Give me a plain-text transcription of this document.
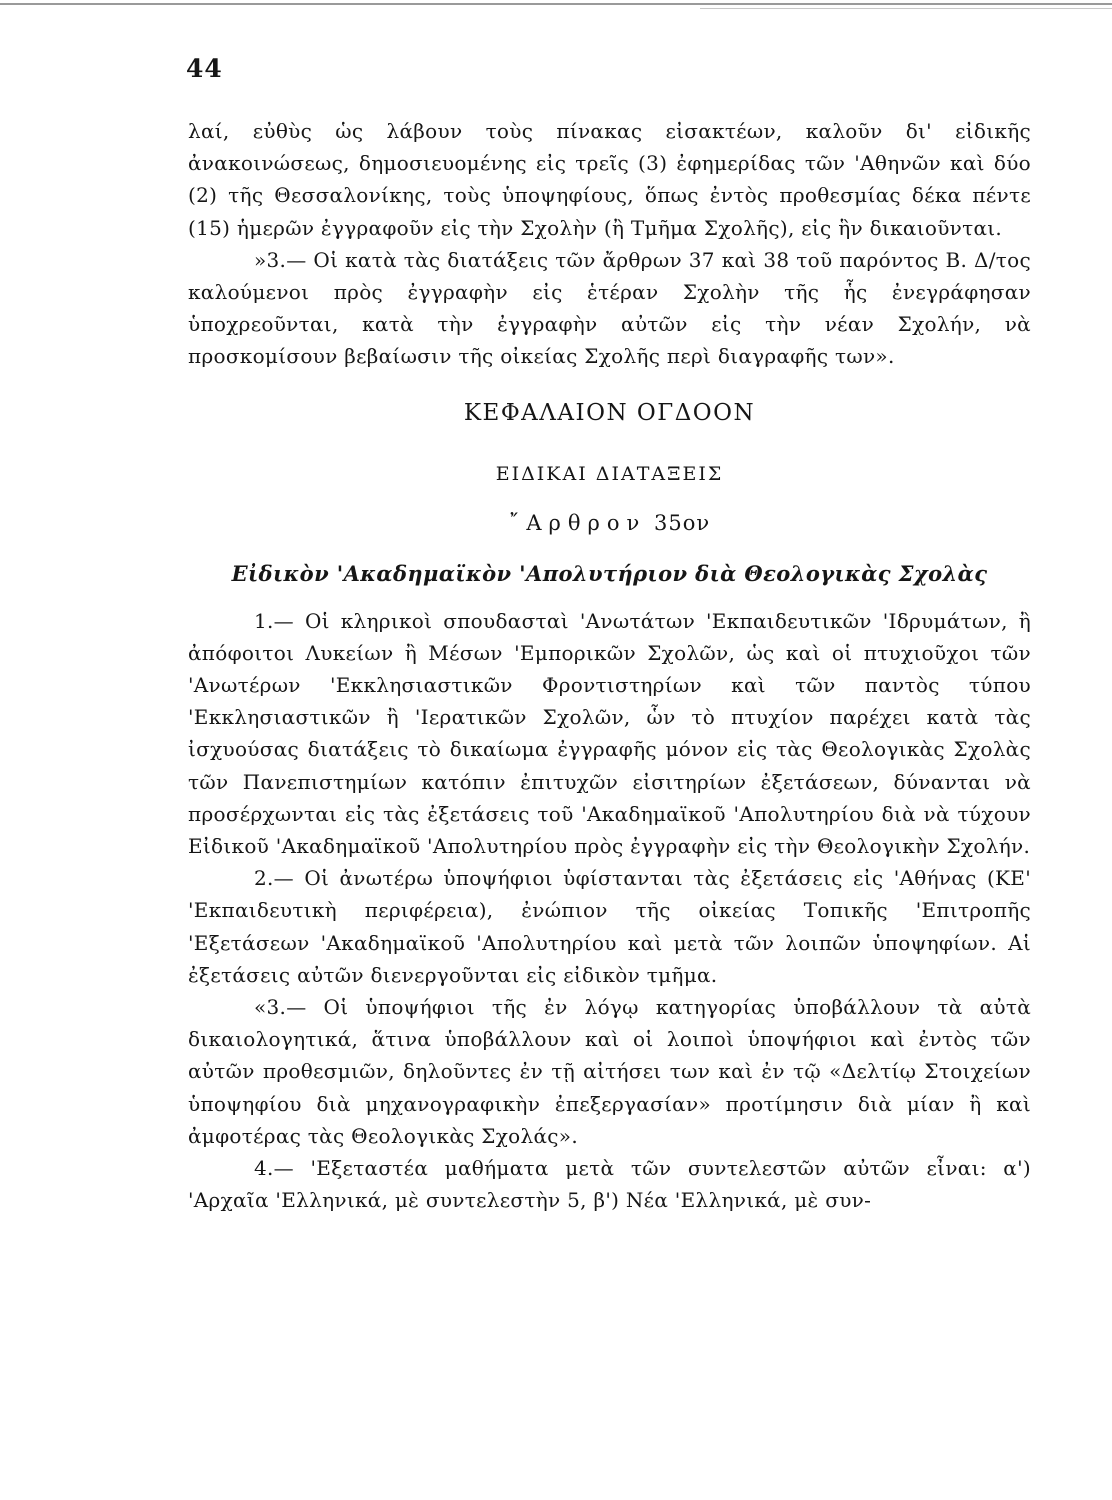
44

λαί, εὐθὺς ὡς λάβουν τοὺς πίνακας εἰσακτέων, καλοῦν δι' εἰδικῆς ἀνακοινώσεως, δημοσιευομένης εἰς τρεῖς (3) ἐφημερίδας τῶν 'Αθηνῶν καὶ δύο (2) τῆς Θεσσαλονίκης, τοὺς ὑποψηφίους, ὅπως ἐντὸς προθεσμίας δέκα πέντε (15) ἡμερῶν ἐγγραφοῦν εἰς τὴν Σχολὴν (ἢ Τμῆμα Σχολῆς), εἰς ἣν δικαιοῦνται.

»3.— Οἱ κατὰ τὰς διατάξεις τῶν ἄρθρων 37 καὶ 38 τοῦ παρόντος Β. Δ/τος καλούμενοι πρὸς ἐγγραφὴν εἰς ἑτέραν Σχολὴν τῆς ἧς ἐνεγράφησαν ὑποχρεοῦνται, κατὰ τὴν ἐγγραφὴν αὐτῶν εἰς τὴν νέαν Σχολήν, νὰ προσκομίσουν βεβαίωσιν τῆς οἰκείας Σχολῆς περὶ διαγραφῆς των».

ΚΕΦΑΛΑΙΟΝ ΟΓΔΟΟΝ
ΕΙΔΙΚΑΙ ΔΙΑΤΑΞΕΙΣ
῎Αρθρον 35ον
Εἰδικὸν 'Ακαδημαϊκὸν 'Απολυτήριον διὰ Θεολογικὰς Σχολὰς

1.— Οἱ κληρικοὶ σπουδασταὶ 'Ανωτάτων 'Εκπαιδευτικῶν 'Ιδρυμάτων, ἢ ἀπόφοιτοι Λυκείων ἢ Μέσων 'Εμπορικῶν Σχολῶν, ὡς καὶ οἱ πτυχιοῦχοι τῶν 'Ανωτέρων 'Εκκλησιαστικῶν Φροντιστηρίων καὶ τῶν παντὸς τύπου 'Εκκλησιαστικῶν ἢ 'Ιερατικῶν Σχολῶν, ὧν τὸ πτυχίον παρέχει κατὰ τὰς ἰσχυούσας διατάξεις τὸ δικαίωμα ἐγγραφῆς μόνον εἰς τὰς Θεολογικὰς Σχολὰς τῶν Πανεπιστημίων κατόπιν ἐπιτυχῶν εἰσιτηρίων ἐξετάσεων, δύνανται νὰ προσέρχωνται εἰς τὰς ἐξετάσεις τοῦ 'Ακαδημαϊκοῦ 'Απολυτηρίου διὰ νὰ τύχουν Εἰδικοῦ 'Ακαδημαϊκοῦ 'Απολυτηρίου πρὸς ἐγγραφὴν εἰς τὴν Θεολογικὴν Σχολήν.

2.— Οἱ ἀνωτέρω ὑποψήφιοι ὑφίστανται τὰς ἐξετάσεις εἰς 'Αθήνας (ΚΕ' 'Εκπαιδευτικὴ περιφέρεια), ἐνώπιον τῆς οἰκείας Τοπικῆς 'Επιτροπῆς 'Εξετάσεων 'Ακαδημαϊκοῦ 'Απολυτηρίου καὶ μετὰ τῶν λοιπῶν ὑποψηφίων. Αἱ ἐξετάσεις αὐτῶν διενεργοῦνται εἰς εἰδικὸν τμῆμα.

«3.— Οἱ ὑποψήφιοι τῆς ἐν λόγῳ κατηγορίας ὑποβάλλουν τὰ αὐτὰ δικαιολογητικά, ἅτινα ὑποβάλλουν καὶ οἱ λοιποὶ ὑποψήφιοι καὶ ἐντὸς τῶν αὐτῶν προθεσμιῶν, δηλοῦντες ἐν τῇ αἰτήσει των καὶ ἐν τῷ «Δελτίῳ Στοιχείων ὑποψηφίου διὰ μηχανογραφικὴν ἐπεξεργασίαν» προτίμησιν διὰ μίαν ἢ καὶ ἀμφοτέρας τὰς Θεολογικὰς Σχολάς».

4.— 'Εξεταστέα μαθήματα μετὰ τῶν συντελεστῶν αὐτῶν εἶναι: α') 'Αρχαῖα 'Ελληνικά, μὲ συντελεστὴν 5, β') Νέα 'Ελληνικά, μὲ συν-
